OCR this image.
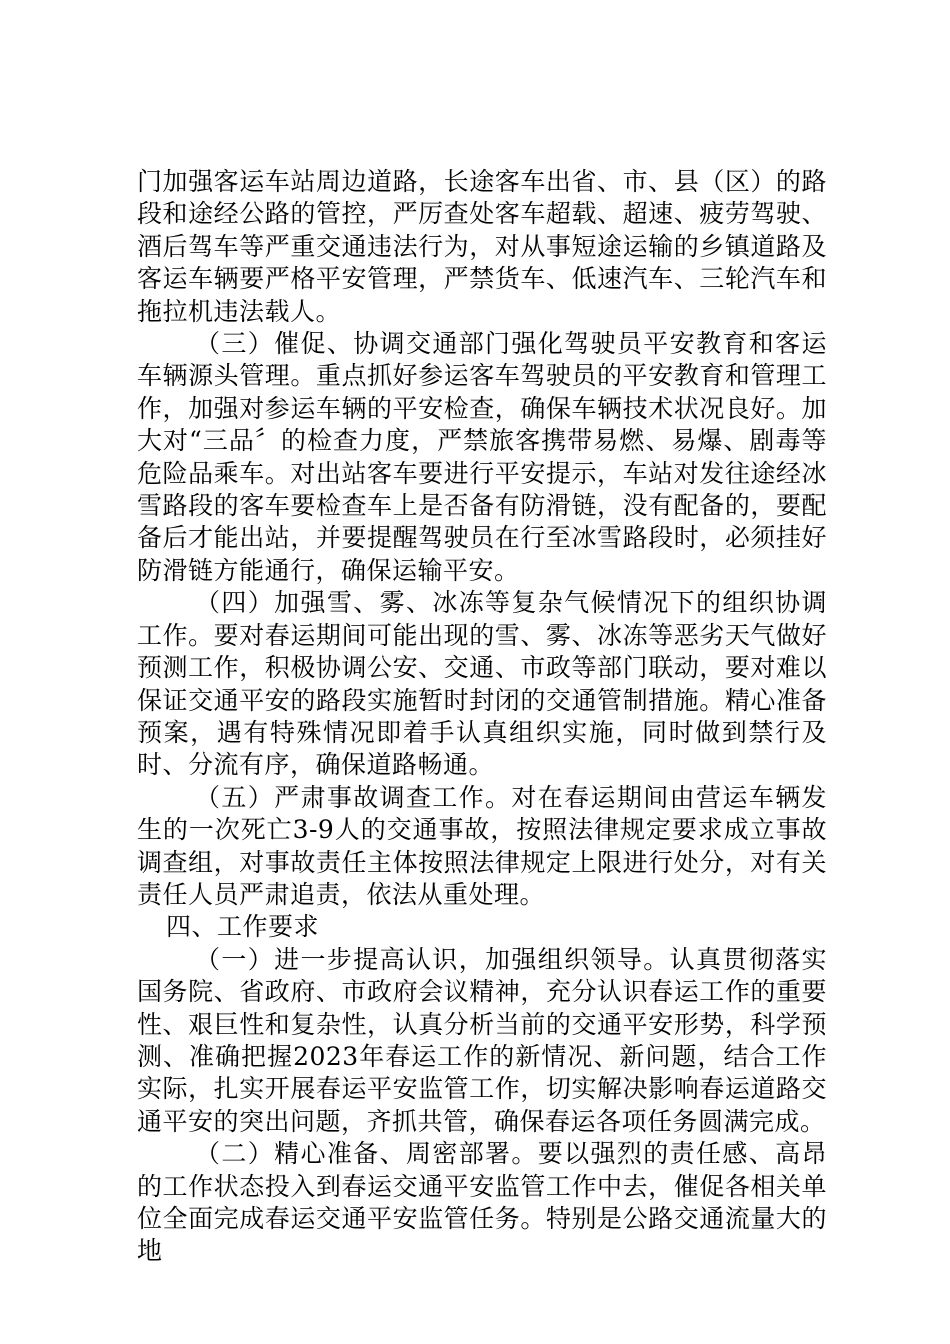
门加强客运车站周边道路，长途客车出省、市、县（区）的路段和途经公路的管控，严厉查处客车超载、超速、疲劳驾驶、酒后驾车等严重交通违法行为，对从事短途运输的乡镇道路及客运车辆要严格平安管理，严禁货车、低速汽车、三轮汽车和拖拉机违法载人。

（三）催促、协调交通部门强化驾驶员平安教育和客运车辆源头管理。重点抓好参运客车驾驶员的平安教育和管理工作，加强对参运车辆的平安检查，确保车辆技术状况良好。加大对“三品〞的检查力度，严禁旅客携带易燃、易爆、剧毒等危险品乘车。对出站客车要进行平安提示，车站对发往途经冰雪路段的客车要检查车上是否备有防滑链，没有配备的，要配备后才能出站，并要提醒驾驶员在行至冰雪路段时，必须挂好防滑链方能通行，确保运输平安。

（四）加强雪、雾、冰冻等复杂气候情况下的组织协调工作。要对春运期间可能出现的雪、雾、冰冻等恶劣天气做好预测工作，积极协调公安、交通、市政等部门联动，要对难以保证交通平安的路段实施暂时封闭的交通管制措施。精心准备预案，遇有特殊情况即着手认真组织实施，同时做到禁行及时、分流有序，确保道路畅通。

（五）严肃事故调查工作。对在春运期间由营运车辆发生的一次死亡3-9人的交通事故，按照法律规定要求成立事故调查组，对事故责任主体按照法律规定上限进行处分，对有关责任人员严肃追责，依法从重处理。

四、工作要求

（一）进一步提高认识，加强组织领导。认真贯彻落实国务院、省政府、市政府会议精神，充分认识春运工作的重要性、艰巨性和复杂性，认真分析当前的交通平安形势，科学预测、准确把握2023年春运工作的新情况、新问题，结合工作实际，扎实开展春运平安监管工作，切实解决影响春运道路交通平安的突出问题，齐抓共管，确保春运各项任务圆满完成。

（二）精心准备、周密部署。要以强烈的责任感、高昂的工作状态投入到春运交通平安监管工作中去，催促各相关单位全面完成春运交通平安监管任务。特别是公路交通流量大的地
